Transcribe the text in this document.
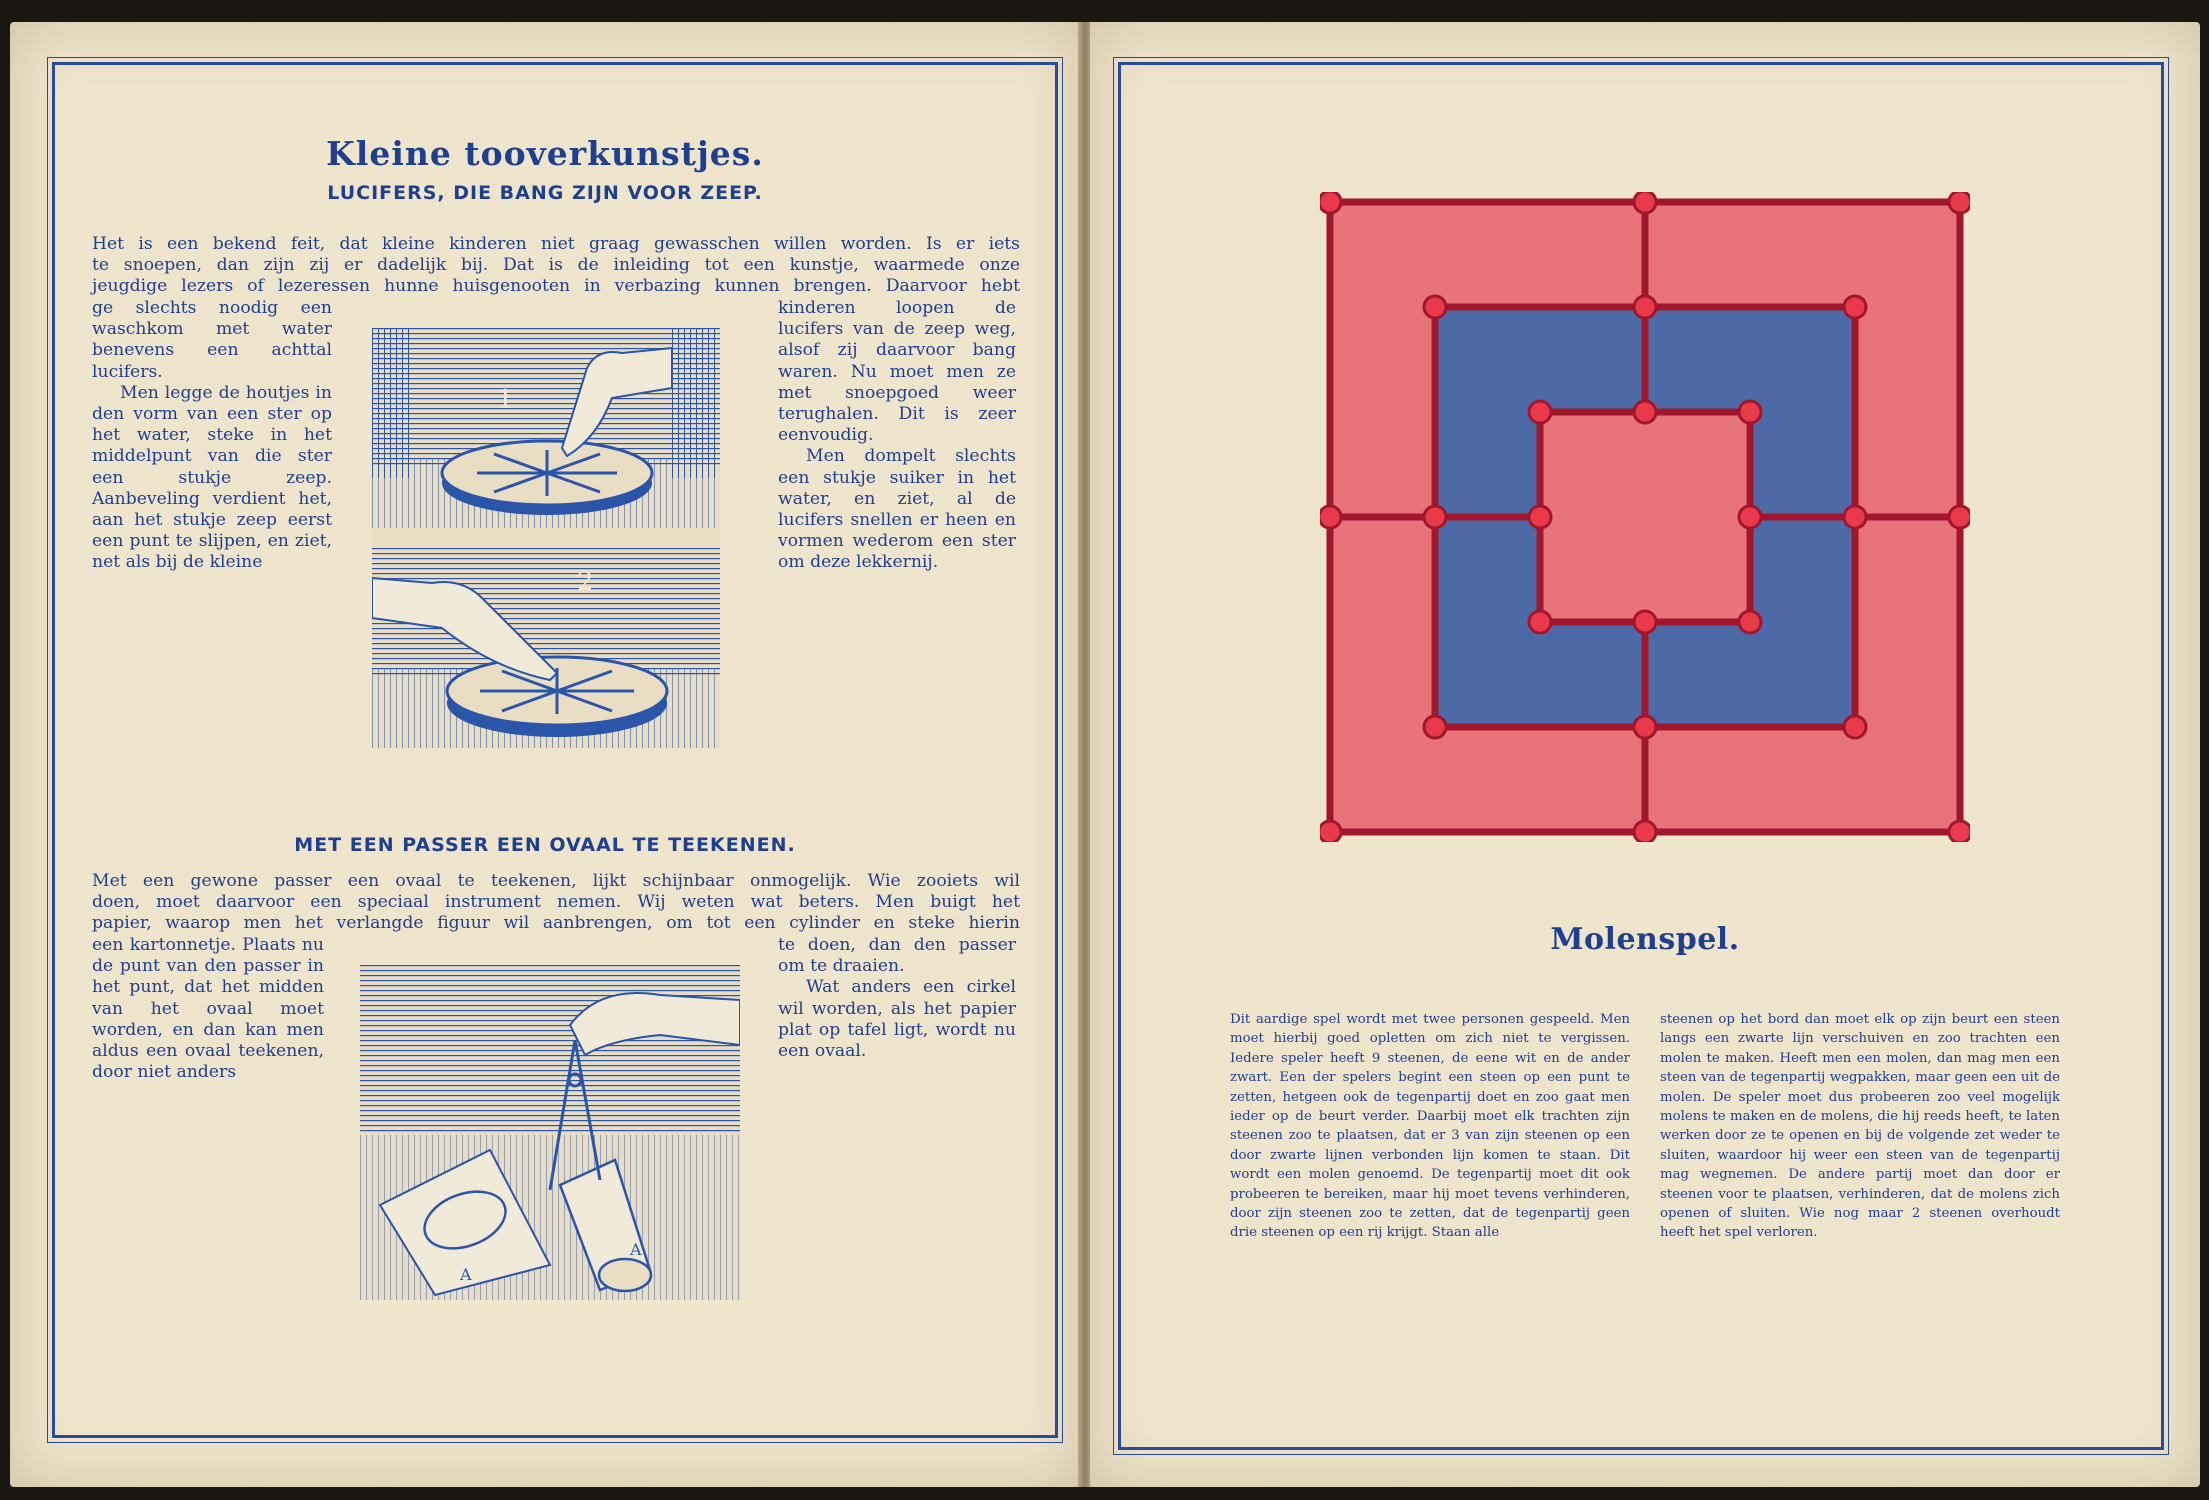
Kleine tooverkunstjes.
LUCIFERS, DIE BANG ZIJN VOOR ZEEP.
Het is een bekend feit, dat kleine kinderen niet graag gewasschen willen worden. Is er iets
te snoepen, dan zijn zij er dadelijk bij. Dat is de inleiding tot een kunstje, waarmede onze
jeugdige lezers of lezeressen hunne huisgenooten in verbazing kunnen brengen. Daarvoor hebt

ge slechts noodig een waschkom met water benevens een achttal lucifers.

Men legge de houtjes in den vorm van een ster op het water, steke in het middelpunt van die ster een stukje zeep. Aanbeveling verdient het, aan het stukje zeep eerst een punt te slijpen, en ziet, net als bij de kleine

kinderen loopen de lucifers van de zeep weg, alsof zij daarvoor bang waren. Nu moet men ze met snoepgoed weer terughalen. Dit is zeer eenvoudig.

Men dompelt slechts een stukje suiker in het water, en ziet, al de lucifers snellen er heen en vormen wederom een ster om deze lekkernij.

1
2
MET EEN PASSER EEN OVAAL TE TEEKENEN.
Met een gewone passer een ovaal te teekenen, lijkt schijnbaar onmogelijk. Wie zooiets wil
doen, moet daarvoor een speciaal instrument nemen. Wij weten wat beters. Men buigt het
papier, waarop men het verlangde figuur wil aanbrengen, om tot een cylinder en steke hierin

een kartonnetje. Plaats nu de punt van den passer in het punt, dat het midden van het ovaal moet worden, en dan kan men aldus een ovaal teekenen, door niet anders

te doen, dan den passer om te draaien.

Wat anders een cirkel wil worden, als het papier plat op tafel ligt, wordt nu een ovaal.

A
A
Molenspel.
Dit aardige spel wordt met twee personen gespeeld. Men moet hierbij goed opletten om zich niet te vergissen. Iedere speler heeft 9 steenen, de eene wit en de ander zwart. Een der spelers begint een steen op een punt te zetten, hetgeen ook de tegenpartij doet en zoo gaat men ieder op de beurt verder. Daarbij moet elk trachten zijn steenen zoo te plaatsen, dat er 3 van zijn steenen op een door zwarte lijnen verbonden lijn komen te staan. Dit wordt een molen genoemd. De tegenpartij moet dit ook probeeren te bereiken, maar hij moet tevens verhinderen, door zijn steenen zoo te zetten, dat de tegenpartij geen drie steenen op een rij krijgt. Staan alle
steenen op het bord dan moet elk op zijn beurt een steen langs een zwarte lijn verschuiven en zoo trachten een molen te maken. Heeft men een molen, dan mag men een steen van de tegenpartij wegpakken, maar geen een uit de molen. De speler moet dus probeeren zoo veel mogelijk molens te maken en de molens, die hij reeds heeft, te laten werken door ze te openen en bij de volgende zet weder te sluiten, waardoor hij weer een steen van de tegenpartij mag wegnemen. De andere partij moet dan door er steenen voor te plaatsen, verhinderen, dat de molens zich openen of sluiten. Wie nog maar 2 steenen overhoudt heeft het spel verloren.
